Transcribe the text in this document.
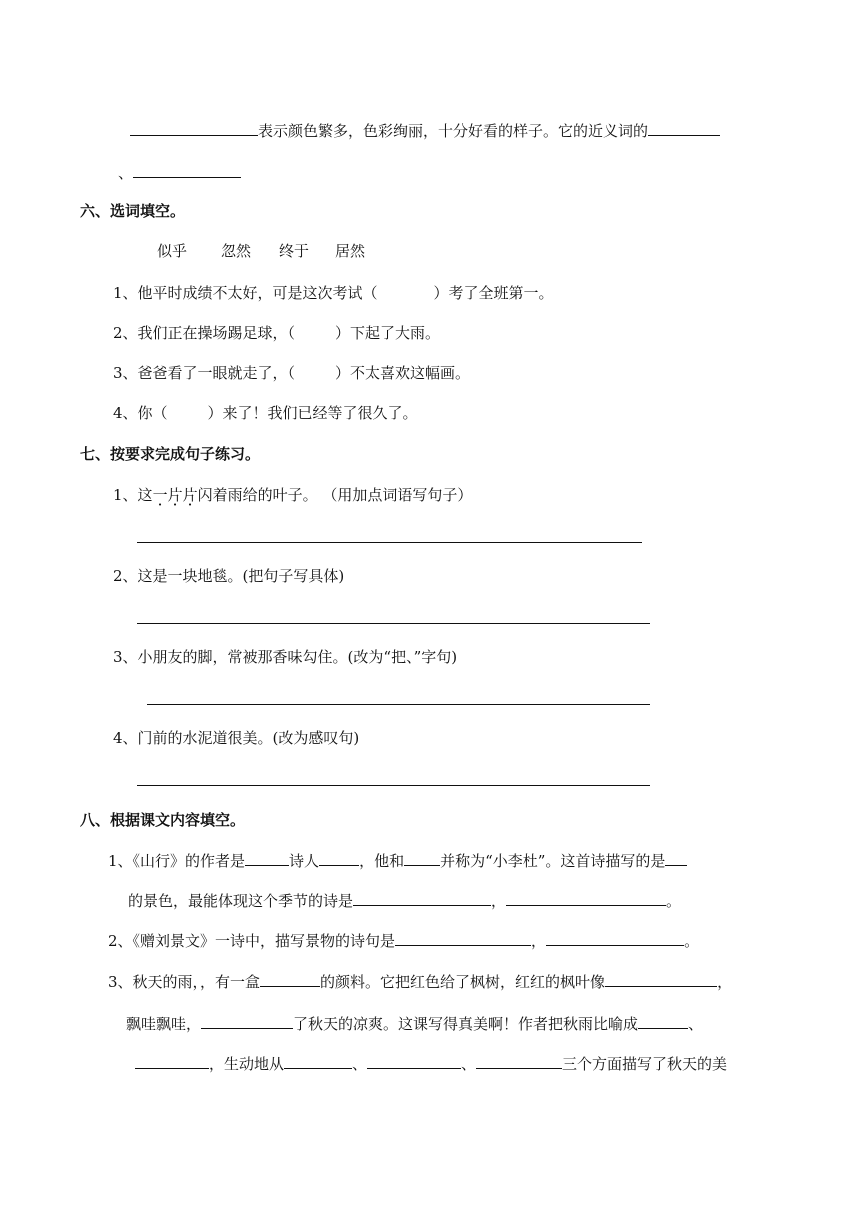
表示颜色繁多，色彩绚丽，十分好看的样子。它的近义词的
、
六、选词填空。
似乎 忽然 终于 居然
1、他平时成绩不太好，可是这次考试（	）考了全班第一。
2、我们正在操场踢足球，（	）下起了大雨。
3、爸爸看了一眼就走了，（	）不太喜欢这幅画。
4、你（	）来了！我们已经等了很久了。
七、按要求完成句子练习。
1、这一片片闪着雨给的叶子。 （用加点词语写句子）
2、这是一块地毯。(把句子写具体)
3、小朋友的脚，常被那香味勾住。(改为“把、”字句)
4、门前的水泥道很美。(改为感叹句)
八、根据课文内容填空。
1、《山行》的作者是	诗人	，他和 并称为“小李杜”。这首诗描写的是
的景色，最能体现这个季节的诗是	，	。
2、《赠刘景文》一诗中，描写景物的诗句是	，	。
3、秋天的雨，，有一盒	的颜料。它把红色给了枫树，红红的枫叶像	，
飘哇飘哇，	了秋天的凉爽。这课写得真美啊！作者把秋雨比喻成	、
，生动地从	、	、	三个方面描写了秋天的美
